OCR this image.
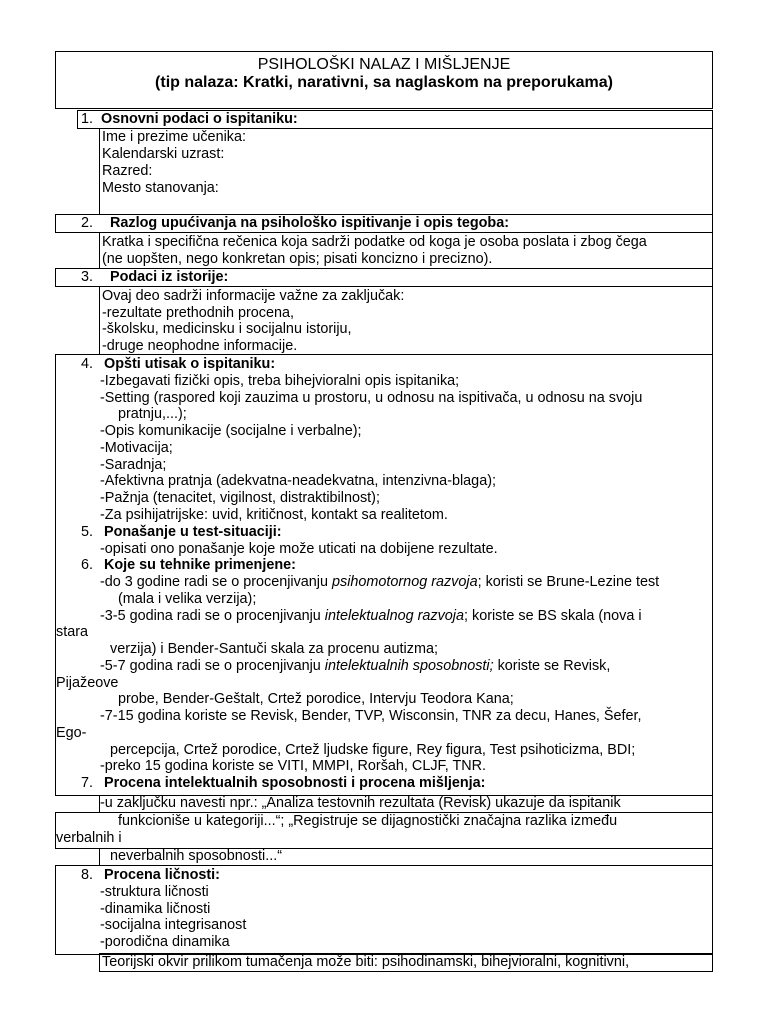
PSIHOLOŠKI NALAZ I MIŠLJENJE
(tip nalaza: Kratki, narativni, sa naglaskom na preporukama)
1. Osnovni podaci o ispitaniku:
Ime i prezime učenika:
Kalendarski uzrast:
Razred:
Mesto stanovanja:
2. Razlog upućivanja na psihološko ispitivanje i opis tegoba:
Kratka i specifična rečenica koja sadrži podatke od koga je osoba poslata i zbog čega
(ne uopšten, nego konkretan opis; pisati koncizno i precizno).
3. Podaci iz istorije:
Ovaj deo sadrži informacije važne za zaključak:
-rezultate prethodnih procena,
-školsku, medicinsku i socijalnu istoriju,
-druge neophodne informacije.
4. Opšti utisak o ispitaniku:
-Izbegavati fizički opis, treba bihejvioralni opis ispitanika;
-Setting (raspored koji zauzima u prostoru, u odnosu na ispitivača, u odnosu na svoju
pratnju,...);
-Opis komunikacije (socijalne i verbalne);
-Motivacija;
-Saradnja;
-Afektivna pratnja (adekvatna-neadekvatna, intenzivna-blaga);
-Pažnja (tenacitet, vigilnost, distraktibilnost);
-Za psihijatrijske: uvid, kritičnost, kontakt sa realitetom.
5. Ponašanje u test-situaciji:
-opisati ono ponašanje koje može uticati na dobijene rezultate.
6. Koje su tehnike primenjene:
-do 3 godine radi se o procenjivanju psihomotornog razvoja; koristi se Brune-Lezine test
(mala i velika verzija);
-3-5 godina radi se o procenjivanju intelektualnog razvoja; koriste se BS skala (nova i
stara
verzija) i Bender-Santuči skala za procenu autizma;
-5-7 godina radi se o procenjivanju intelektualnih sposobnosti; koriste se Revisk,
Pijažeove
probe, Bender-Geštalt, Crtež porodice, Intervju Teodora Kana;
-7-15 godina koriste se Revisk, Bender, TVP, Wisconsin, TNR za decu, Hanes, Šefer,
Ego-
percepcija, Crtež porodice, Crtež ljudske figure, Rey figura, Test psihoticizma, BDI;
-preko 15 godina koriste se VITI, MMPI, Roršah, CLJF, TNR.
7. Procena intelektualnih sposobnosti i procena mišljenja:
-u zaključku navesti npr.: „Analiza testovnih rezultata (Revisk) ukazuje da ispitanik
funkcioniše u kategoriji...“; „Registruje se dijagnostički značajna razlika između
verbalnih i
neverbalnih sposobnosti...“
8. Procena ličnosti:
-struktura ličnosti
-dinamika ličnosti
-socijalna integrisanost
-porodična dinamika
Teorijski okvir prilikom tumačenja može biti: psihodinamski, bihejvioralni, kognitivni,
